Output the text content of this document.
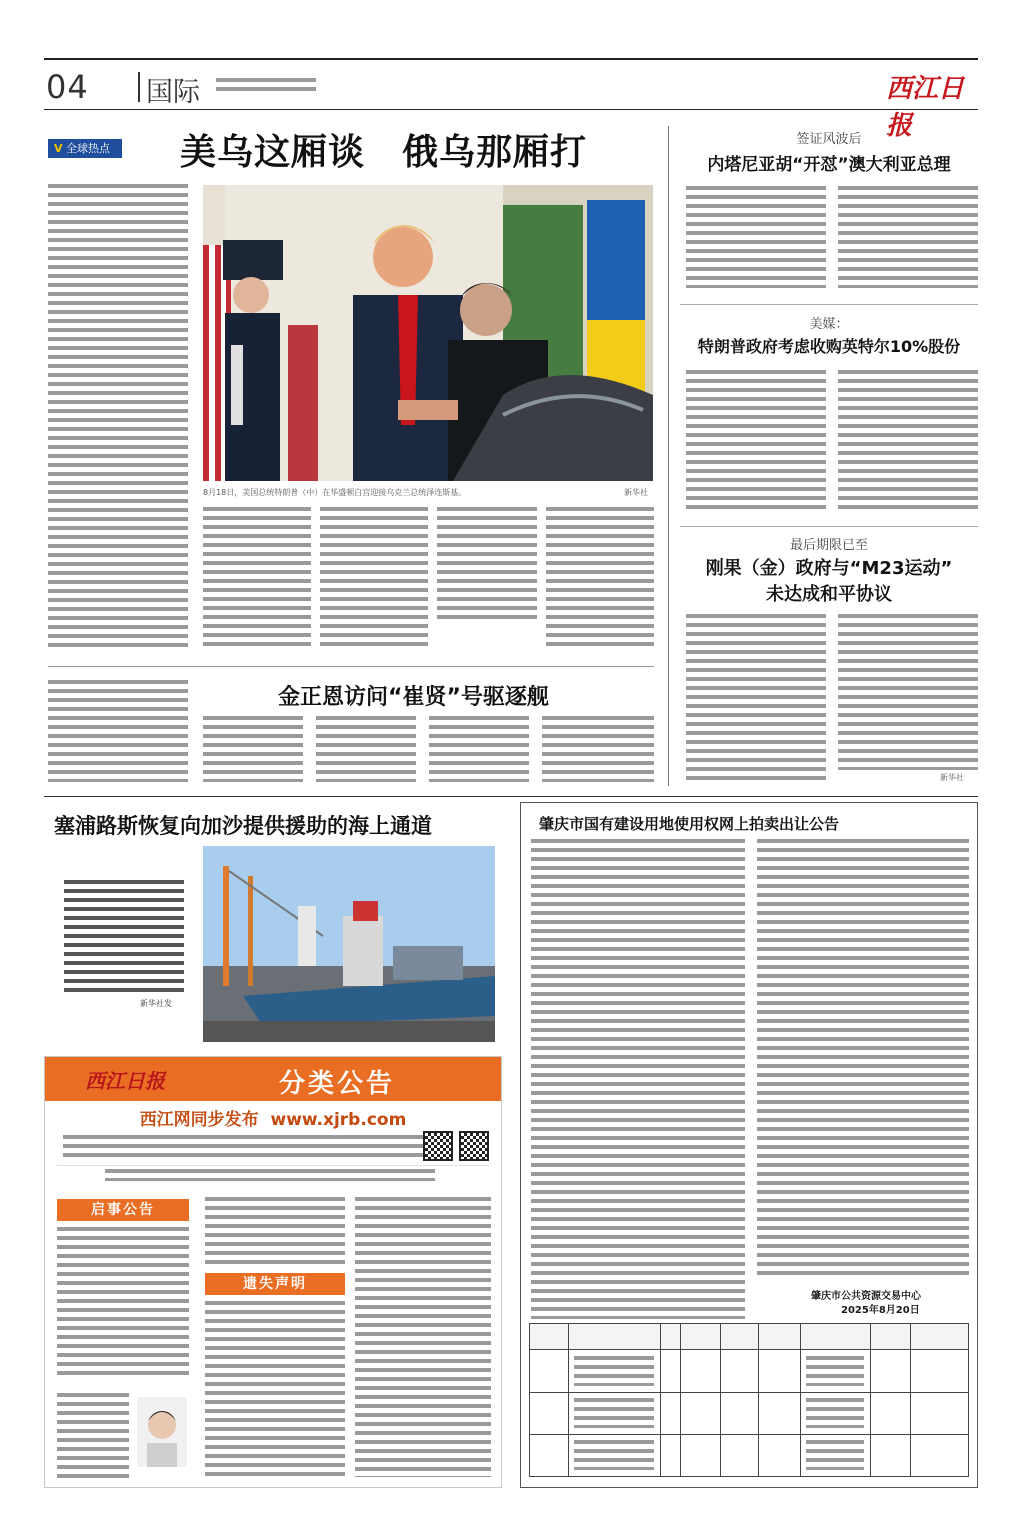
04 国际	西江日报
V 全球热点	美乌这厢谈　俄乌那厢打
8月18日，美国总统特朗普（中）在华盛顿白宫迎接乌克兰总统泽连斯基。	新华社
金正恩访问“崔贤”号驱逐舰
签证风波后
内塔尼亚胡“开怼”澳大利亚总理
美媒：
特朗普政府考虑收购英特尔10%股份
最后期限已至
刚果（金）政府与“M23运动”
未达成和平协议
新华社
塞浦路斯恢复向加沙提供援助的海上通道
新华社发
西江日报	分类公告
西江网同步发布  www.xjrb.com
启事公告
遗失声明
肇庆市国有建设用地使用权网上拍卖出让公告
肇庆市公共资源交易中心
2025年8月20日
